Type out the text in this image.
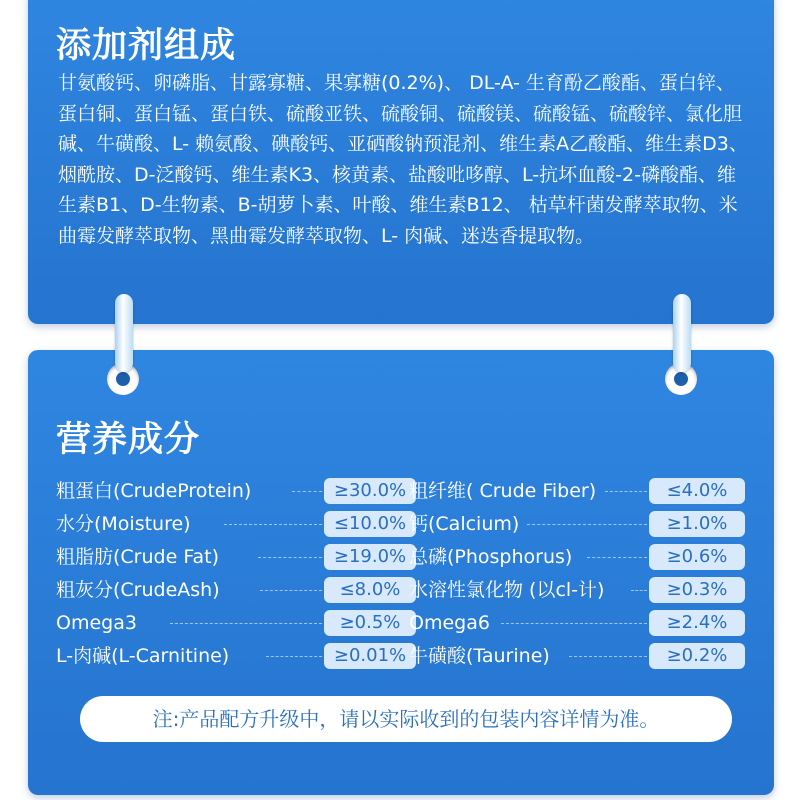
添加剂组成
甘氨酸钙、卵磷脂、甘露寡糖、果寡糖(0.2%)、 DL-A- 生育酚乙酸酯、蛋白锌、蛋白铜、蛋白锰、蛋白铁、硫酸亚铁、硫酸铜、硫酸镁、硫酸锰、硫酸锌、氯化胆碱、牛磺酸、L- 赖氨酸、碘酸钙、亚硒酸钠预混剂、维生素A乙酸酯、维生素D3、烟酰胺、D-泛酸钙、维生素K3、核黄素、盐酸吡哆醇、L-抗坏血酸-2-磷酸酯、维生素B1、D-生物素、B-胡萝卜素、叶酸、维生素B12、 枯草杆菌发酵萃取物、米曲霉发酵萃取物、黑曲霉发酵萃取物、L- 肉碱、迷迭香提取物。
营养成分
粗蛋白(CrudeProtein)	≥30.0%
水分(Moisture)	≤10.0%
粗脂肪(Crude Fat)	≥19.0%
粗灰分(CrudeAsh)	≤8.0%
Omega3	≥0.5%
L-肉碱(L-Carnitine)	≥0.01%
粗纤维( Crude Fiber)	≤4.0%
钙(Calcium)	≥1.0%
总磷(Phosphorus)	≥0.6%
水溶性氯化物 (以cl-计)	≥0.3%
Omega6	≥2.4%
牛磺酸(Taurine)	≥0.2%
注:产品配方升级中，请以实际收到的包装内容详情为准。
